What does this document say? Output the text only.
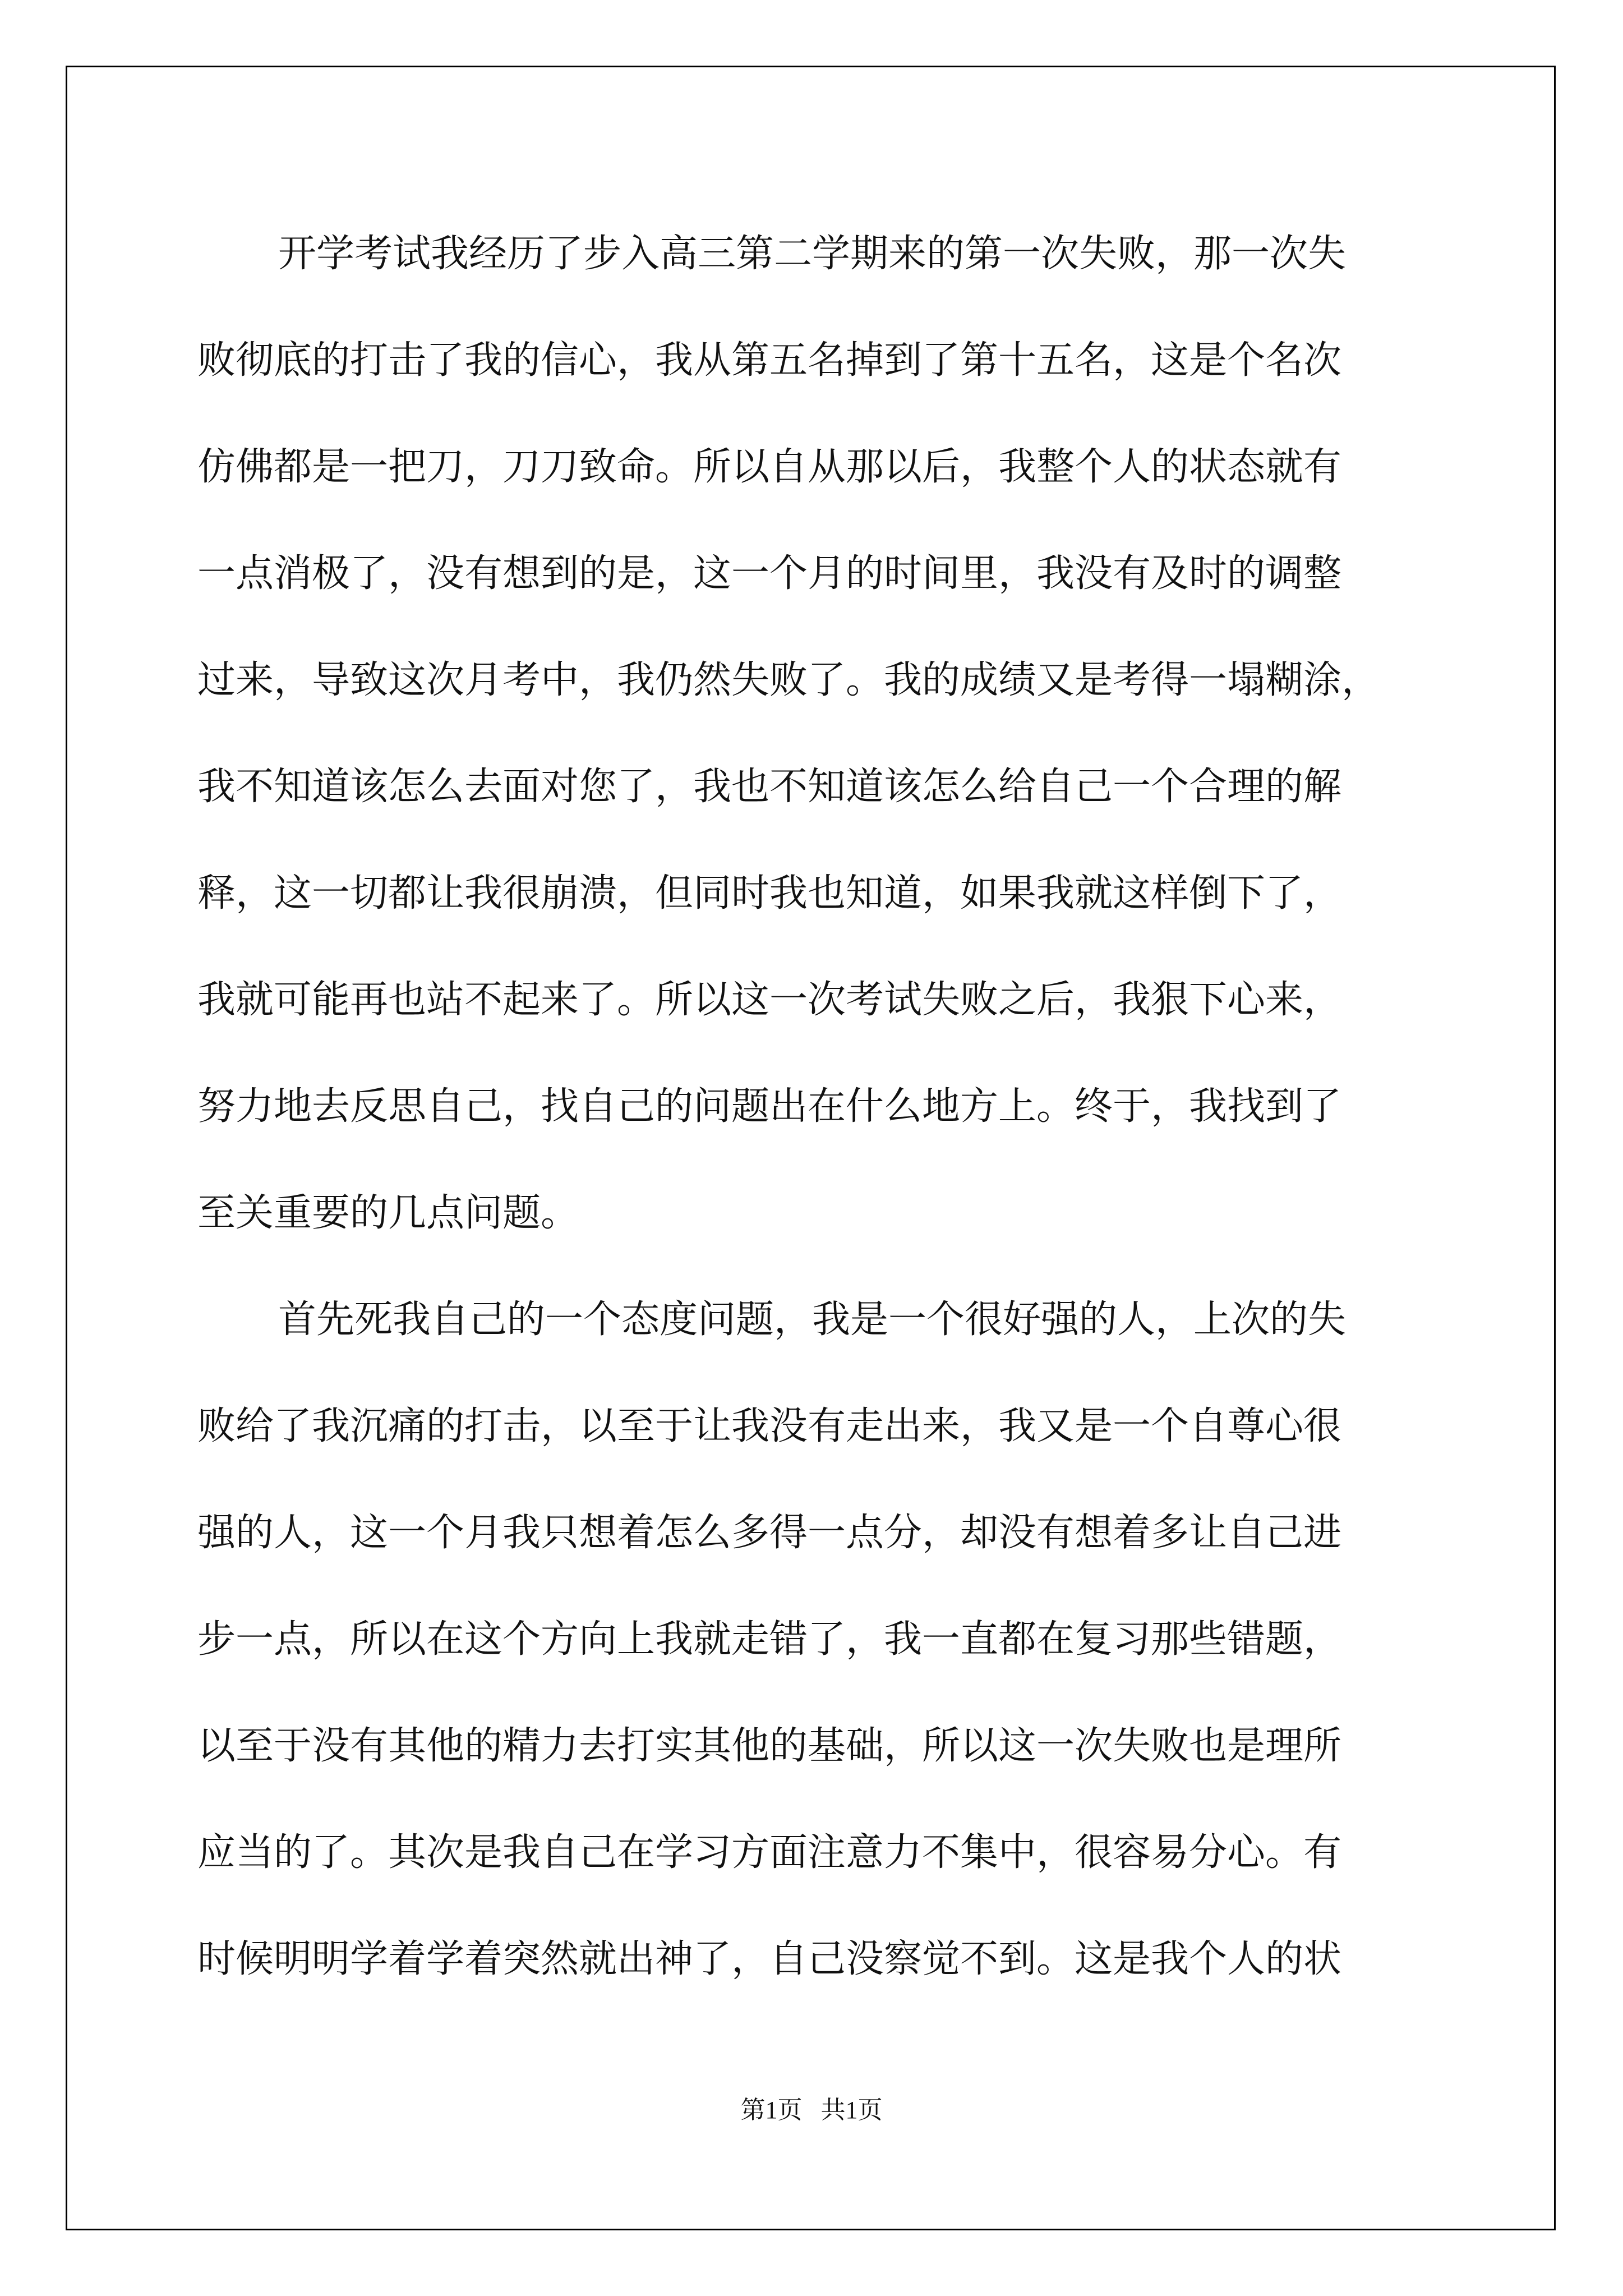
开学考试我经历了步入高三第二学期来的第一次失败，那一次失
败彻底的打击了我的信心，我从第五名掉到了第十五名，这是个名次
仿佛都是一把刀，刀刀致命。所以自从那以后，我整个人的状态就有
一点消极了，没有想到的是，这一个月的时间里，我没有及时的调整
过来，导致这次月考中，我仍然失败了。我的成绩又是考得一塌糊涂，
我不知道该怎么去面对您了，我也不知道该怎么给自己一个合理的解
释，这一切都让我很崩溃，但同时我也知道，如果我就这样倒下了，
我就可能再也站不起来了。所以这一次考试失败之后，我狠下心来，
努力地去反思自己，找自己的问题出在什么地方上。终于，我找到了
至关重要的几点问题。
首先死我自己的一个态度问题，我是一个很好强的人，上次的失
败给了我沉痛的打击，以至于让我没有走出来，我又是一个自尊心很
强的人，这一个月我只想着怎么多得一点分，却没有想着多让自己进
步一点，所以在这个方向上我就走错了，我一直都在复习那些错题，
以至于没有其他的精力去打实其他的基础，所以这一次失败也是理所
应当的了。其次是我自己在学习方面注意力不集中，很容易分心。有
时候明明学着学着突然就出神了，自己没察觉不到。这是我个人的状
第1页   共1页
